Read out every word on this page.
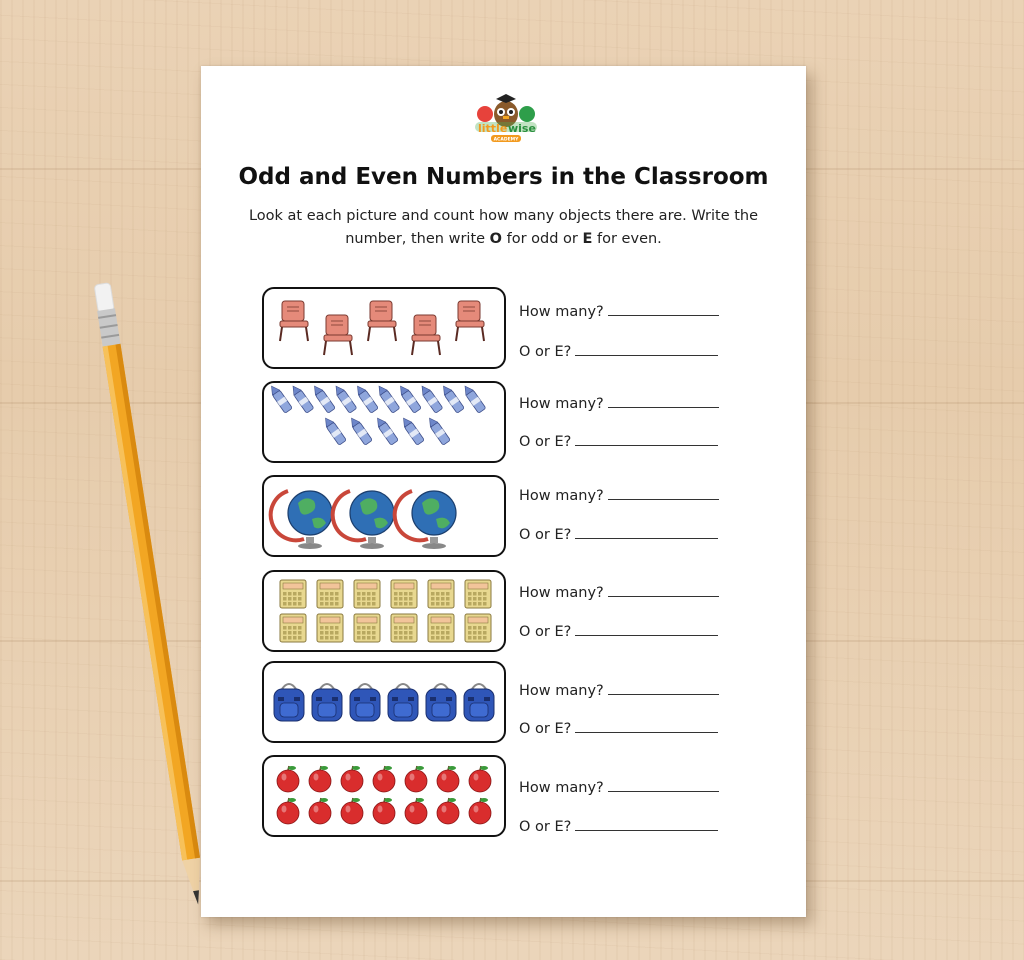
little wise
ACADEMY
Odd and Even Numbers in the Classroom
Look at each picture and count how many objects there are. Write the number, then write O for odd or E for even.
How many?
O or E?
How many?
O or E?
How many?
O or E?
How many?
O or E?
How many?
O or E?
How many?
O or E?
